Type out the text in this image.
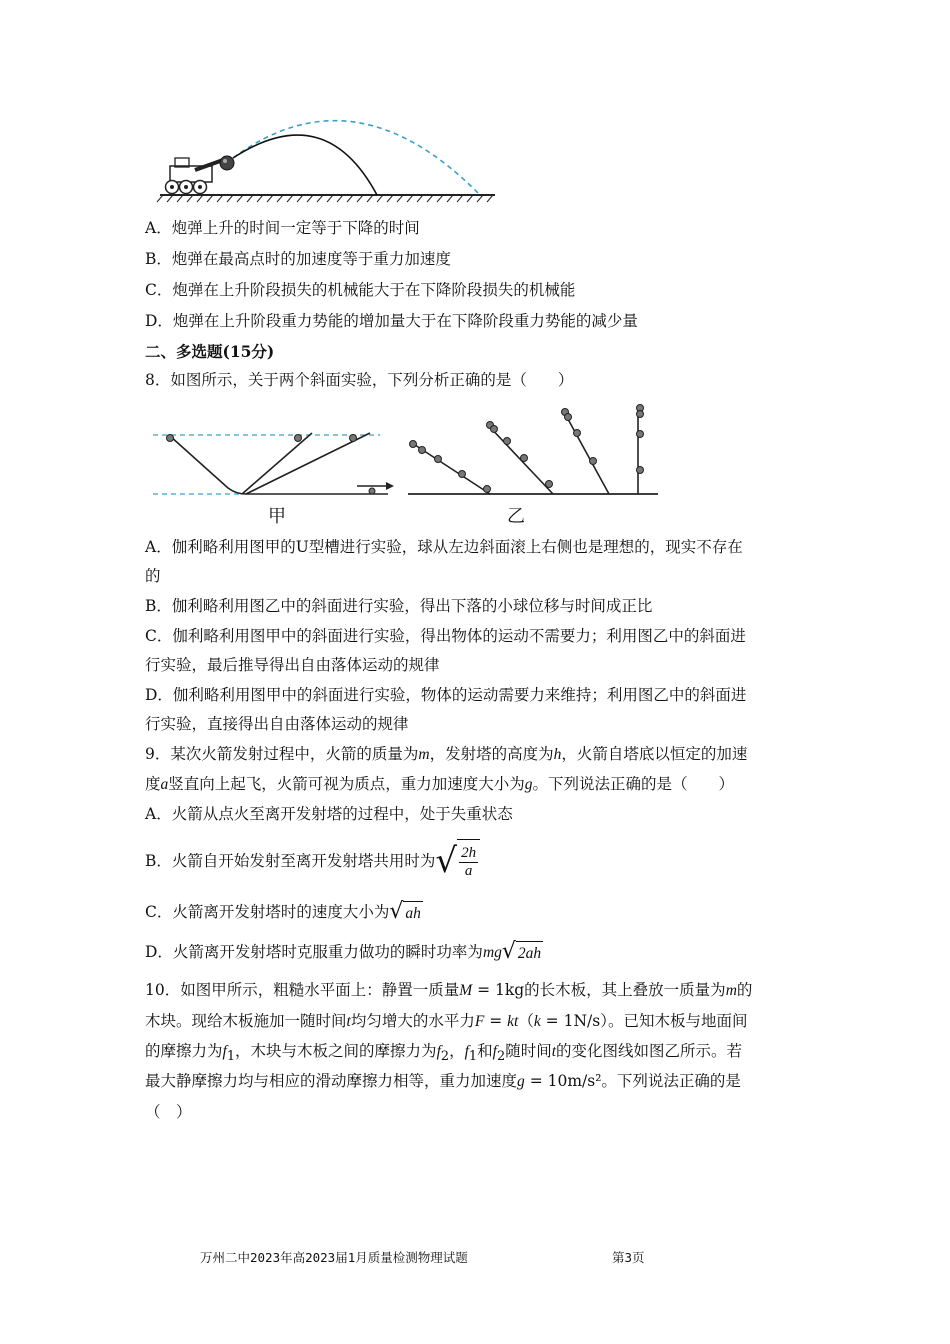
A．炮弹上升的时间一定等于下降的时间
B．炮弹在最高点时的加速度等于重力加速度
C．炮弹在上升阶段损失的机械能大于在下降阶段损失的机械能
D．炮弹在上升阶段重力势能的增加量大于在下降阶段重力势能的减少量
二、多选题(15分)
8．如图所示，关于两个斜面实验，下列分析正确的是（　　）
甲	乙
A．伽利略利用图甲的U型槽进行实验，球从左边斜面滚上右侧也是理想的，现实不存在
的
B．伽利略利用图乙中的斜面进行实验，得出下落的小球位移与时间成正比
C．伽利略利用图甲中的斜面进行实验，得出物体的运动不需要力；利用图乙中的斜面进
行实验，最后推导得出自由落体运动的规律
D．伽利略利用图甲中的斜面进行实验，物体的运动需要力来维持；利用图乙中的斜面进
行实验，直接得出自由落体运动的规律
9．某次火箭发射过程中，火箭的质量为m，发射塔的高度为h，火箭自塔底以恒定的加速
度a竖直向上起飞，火箭可视为质点，重力加速度大小为g。下列说法正确的是（　　）
A．火箭从点火至离开发射塔的过程中，处于失重状态
B．火箭自开始发射至离开发射塔共用时为 √ $\frac{2h}{a}$
C．火箭离开发射塔时的速度大小为 √ ah
D．火箭离开发射塔时克服重力做功的瞬时功率为mg √ 2ah
10．如图甲所示，粗糙水平面上：静置一质量M = 1kg的长木板，其上叠放一质量为m的
木块。现给木板施加一随时间t均匀增大的水平力F = kt（k = 1N/s）。已知木板与地面间
的摩擦力为$f_1$，木块与木板之间的摩擦力为$f_2$，$f_1$和$f_2$随时间t的变化图线如图乙所示。若
最大静摩擦力均与相应的滑动摩擦力相等，重力加速度g = 10m/s²。下列说法正确的是
（　）
万州二中2023年高2023届1月质量检测物理试题	第3页
